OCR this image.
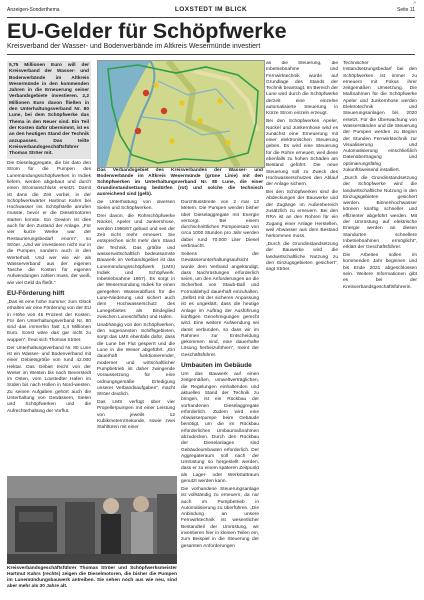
Anzeigen-Sonderthema	LOXSTEDT IM BLICK	Seite 11
»
EU-Gelder für Schöpfwerke
Kreisverband der Wasser- und Bodenverbände im Altkreis Wesermünde investiert

5,75 Millionen Euro will der Kreisverband der Wasser- und Bodenverbände im Altkreis Wesermünde in den kommenden Jahren in die Erneuerung seiner Verbandsgebiete investieren. 2,2 Millionen Euro davon fließen in den Unterhaltungsverband Nr. 80 Lune, bei dem Schöpfwerke das Thema in den Neuer sind. Ein Teil der Kosten dafür übernimmt, ist es an den heutigen Stand der Technik anzupassen. Das teilte Kreisverbandsgeschäftsführer Thomas Ströer mit.

Die Dieselaggregate, die bis dato den Strom für die Pumpen des Lunemündungsschöpfwerkes in Indiek liefern, werden abgebaut und durch einen Stromanschluss ersetzt. Damit ist dann die Zeit vorbei, in der Schöpfwerkwärter Hartmut Kahrs bei Hochwasser ins Schöpfstelle anrufen musste, bevor er die Dieselmotoren starten konnte. Ein Gewinn ist dies auch für den Zustand der Anlage. „Für vier kurze Werke war der Restaurierungsbedarf enorm“, so Ströer. „Und wir investieren nicht nur in die Pumpen, sondern auch in den Werterhalt. Und wer wie wir als Wasserverband aus der eigenen Tasche die Kosten für eigenen Aufwendungen zahlen muss, der weiß, wie viel Geld da fließt.“

EU-Förderung hilft

„Das ist eine hohe Summe; zum Glück erhalten wir eine Förderung von der EU in Höhe von 45 Prozent der Kosten. Für den Unterhaltungsverband Nr. 80 sind das immerhin fast 1,4 Millionen Euro. Sonst wäre das gar nicht zu wuppen“, freut sich Thomas Ströer.

Der Unterhaltungsverband Nr. 80 Lune ist ein Wasser- und Bodenverband mit einer Gebietsgröße von rund 42.000 Hektar. Das Gebiet reicht von der Weser im Westen bis nach Beverstedt im Osten, vom Loxstedter Hafen im Süden bis nach Hollen in Nord-westen. Zu seinen Aufgaben gehört auch die Unterhaltung von Gewässern, Sielen und Schöpfwerken und die Aufrechterhaltung der Vorflut.

Das Verbandsgebiet des Kreisverbandes der Wasser- und Bodenverbände im Altkreis Wesermünde (grüne Linie) mit den Schöpfwerken im Unterhaltungsverband Nr. 80 Lune, die einer Grundinstandsetzung bedürfen (rot) und solche die technisch ausreichend sind (gelb).

die Unterhaltung von diversen Sielen und Schöpfwerken.

Drei davon, die Rohrschöpfwerke Nückel, Apeler und Junkernhose, werden 1966/67 gebaut und seit der Zeit nicht mehr erneuert. Sie entsprechen nicht mehr dem Stand der Technik. Das größte und wasserwirtschaftlich bedeutsamste Bauwerk im Verbandsgebiet ist das Lunemündungsschöpfwerk (LMS) Indiek und Schöpfwerk. Inbetriebnahme 1967). Es sorgt in der Wesermündung Indiek für einen geregelten Wasserabfluss für die Lune-Niederung und sichert auch dem Hochwasserschutz des Lunegebietes als Bindeglied zwischen Luneschiffahrt und Hafen.

Unabhängig von den Schöpfwerken, den sogenannten Schiffsgebieten, sorgt das LMS ebenfalls dafür, dass die Lune bei Flut gesperrt und die Lune in die Weser abgeführt. „Ein dauerhaft funktionierender, moderner und wirtschaftlicher Pumpbetrieb ist daher zwingende Voraussetzung für eine ordnungsgemäße Erledigung unserer Verbandsaufgaben“, macht Ströer deutlich.

Das LMS verfügt über vier Propellerpumpen mit einer Leistung von jeweils 12 Kubikmetern/Sekunde, sowie zwei Stahltüren mit einer

Durchflussbreite von 2 mal 12 Metern. Die Pumpen werden bisher über Dieselaggregate mit Energie versorgt. Bei einem durchschnittlichen Pumpeinsatz von circa 1000 Stunden pro Jahr werden dabei rund 70.000 Liter Diesel verbraucht.

Seitens der Gewässerunterhaltungsaufsicht wurde dem Verband angekündigt, dass Nachrüstungen erforderlich seien, um den Anforderungen an die Sicherheit von Staub-Ball und Formaldehyd dauerhaft einzuhalten. „Selbst mit der sicheren Anpassung ist es ungeklärt, dass die heutige Anlage im Auftrag der Ausführung künftigen Genehmigungen gerecht wird. Eine weitere Aufwendung sei damit verbunden, so dass wir im Rahmen zur Entscheidung gekommen sind, eine dauerhafte Lösung herbeizuführen“, meint der Geschäftsführer.

Umbauten im Gebäude

Um das Bauwerk auf einen zeitgemäßen, umweltverträglichen, die Regelungen einhaltenden und aktuellen Stand der Technik zu bringen, ist ein Rückbau der vorhandenen Dieselaggregate erforderlich. Zudem wird eine Abwasserpumpe beim Gebäude benötigt, um die im Rückbau erforderlichen Umbaumaßnahmen abzudecken. Durch den Rückbau der Dieselanlagen sind Gebäudeumbauten erforderlich. Der Aggregateraum soll nach der Umrüstung so hergestellt werden, dass er zu einem späteren Zeitpunkt als Lager- oder Werkstattraum genutzt werden kann.

Die vorhandene Steuerungsanlage ist vollständig zu erneuern, da nur auch im Pumpbetrieb in Automatisierung zu überführen. „Die Anbindung an unsere Fernwirktechnik ist wesentlicher Bestandteil der Umrüstung, wir investieren hier in kleinen Teilen ein, zum Beispiel in die Steuerung der gesamten Anforderungen

an die Steuerung, die Inbetriebnahme und Fernwirktechnik wurde auf Grundlage des Stands der Technik beantragt. Im Bereich der Lune wird durch die Schöpfwerke derzeit eine einzelne automatisierte Steuerung in Kürze Strom einzeln erzeugt.

Bei den Schöpfwerken Apeler, Nückel und Junkernhose wird es zunächst eine Erneuerung mit einer elektronischen Steuerung geben. Es wird eine Steuerung für die Rohre erneuert, weil diese ebenfalls zu hohen Schäden am Bestand geführt. Die neue Steuerung soll zu Zweck des Hochwasserschutzes den Ablauf der Anlage sichern.

Bei den Schöpfwerken sind die Abdeckungen der Bauwerke und der Zugänge im Außenbereich zusätzlich zu erneuern. Bei den RRA ist an den Rohren für ein Zugang einer Anlage Herstellen, weil Abwasser aus dem Bestand herkommen muss.

„Durch die Grundinstandsetzung der Bauwerke wird die landwirtschaftliche Nutzung zu den Einzugsgebieten gesichert“, sagt Ströer.

Technischer Instandsetzungsbedarf bei den Schöpfwerken ist immer zu erneuern mit Fokus ihrer zeitgemäßen Umsetzung. Die Maßnahmen für die Schöpfwerke Apeler und Junkernhose werden Elektrotechnik und Steuerungsanlagen bis 2020 ersetzt. Für die Überwachung von Wasserständen und die Steuerung der Pumpen werden zu Beginn der Stunden Fernwirktechnik zur Visualisierung und Automatisierung einschließlich Datenübertragung und optimierungsfähig zukunftsweisend installiert.

„Durch die Grundinstandsetzung der Schöpfwerke wird die landwirtschaftliche Nutzung in den Einzugsgebieten gesichert werden. Binnenhochwasser können künftig schneller und effizienter abgeführt werden. Mit der Umrüstung auf elektrische Energie werden an diesen Standorten schnellere Inbetriebnahmen ermöglicht“, erklärt der Geschäftsführer.

Die Arbeiten sollen im kommenden Jahr beginnen und bis Ende 2021 abgeschlossen sein. Weitere Informationen gibt es bei der Kreisverbandsgeschäftsführerin.

Kreisverbandsgeschäftsführer Thomas Ströer und Schöpfwerksmeister Hartmut Kahrs (rechts) zeigen die Dieselmotoren, die bisher die Pumpen im Lunemündungsbauwerk antreiben. Sie sehen noch aus wie neu, sind aber mehr als 30 Jahre alt.
